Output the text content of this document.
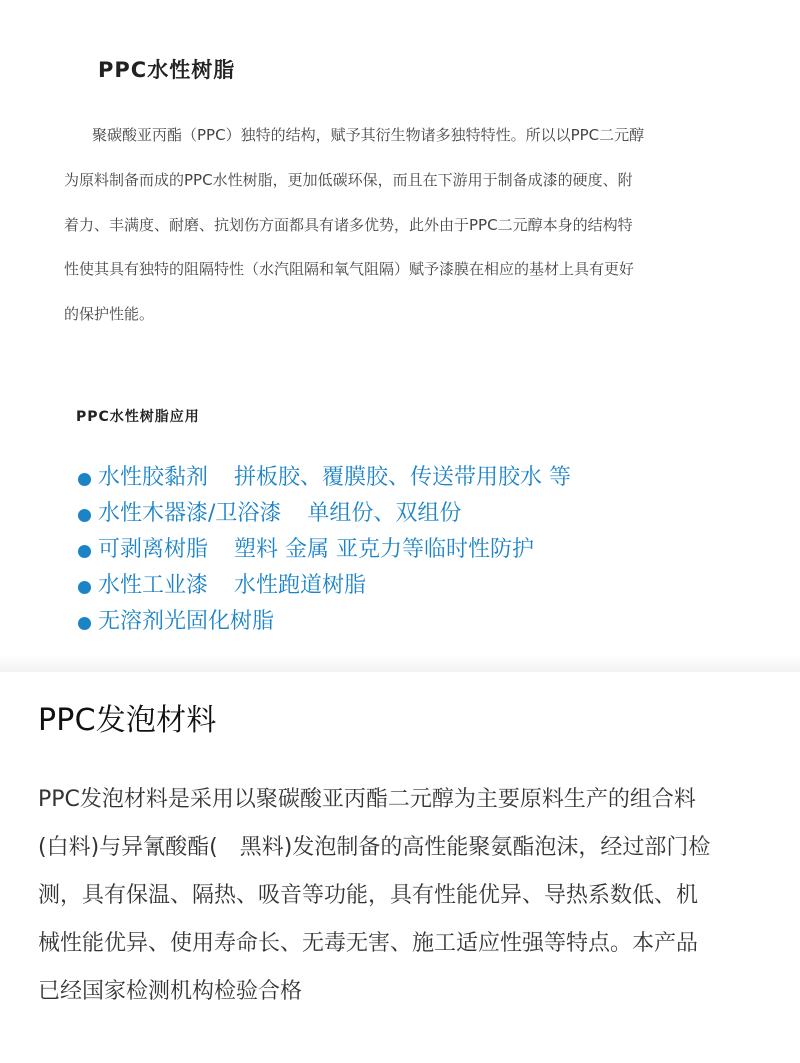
PPC水性树脂
聚碳酸亚丙酯（PPC）独特的结构，赋予其衍生物诸多独特特性。所以以PPC二元醇
为原料制备而成的PPC水性树脂，更加低碳环保，而且在下游用于制备成漆的硬度、附
着力、丰满度、耐磨、抗划伤方面都具有诸多优势，此外由于PPC二元醇本身的结构特
性使其具有独特的阻隔特性（水汽阻隔和氧气阻隔）赋予漆膜在相应的基材上具有更好
的保护性能。
PPC水性树脂应用
水性胶黏剂 拼板胶、覆膜胶、传送带用胶水 等
水性木器漆/卫浴漆 单组份、双组份
可剥离树脂 塑料 金属 亚克力等临时性防护
水性工业漆 水性跑道树脂
无溶剂光固化树脂
PPC发泡材料
PPC发泡材料是采用以聚碳酸亚丙酯二元醇为主要原料生产的组合料
(白料)与异氰酸酯(　黑料)发泡制备的高性能聚氨酯泡沫，经过部门检
测，具有保温、隔热、吸音等功能，具有性能优异、导热系数低、机
械性能优异、使用寿命长、无毒无害、施工适应性强等特点。本产品
已经国家检测机构检验合格
